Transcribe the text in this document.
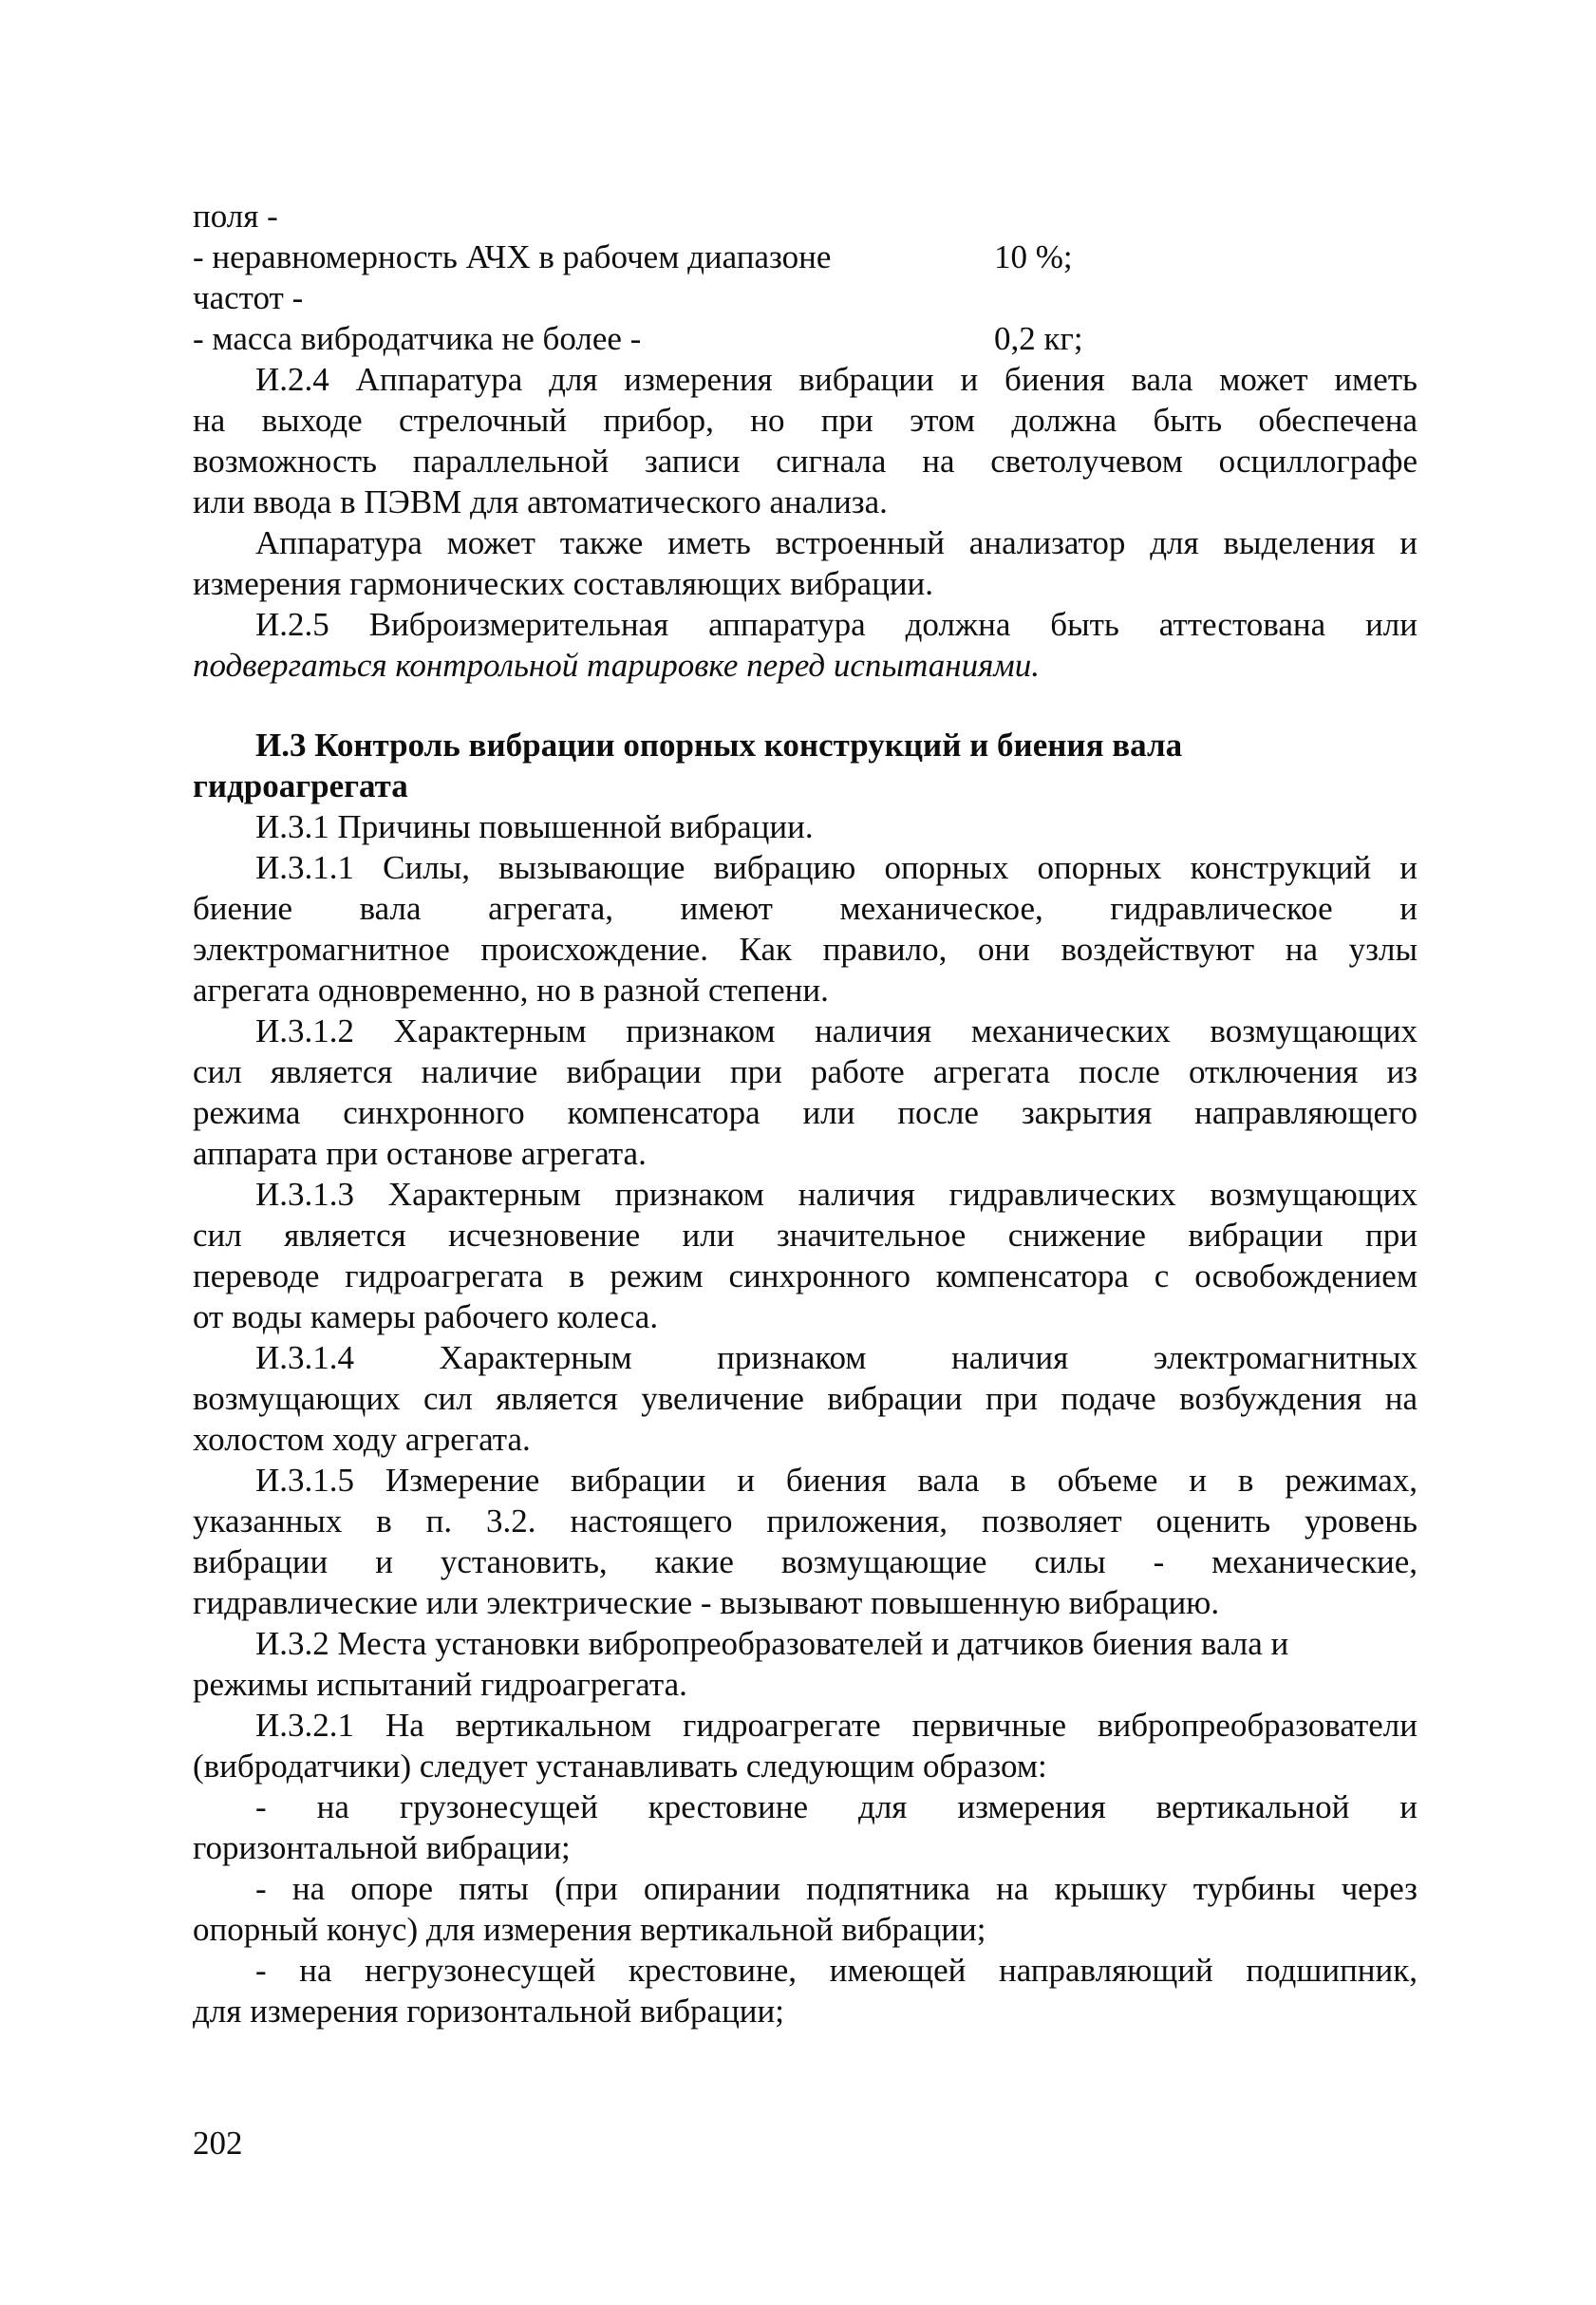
поля -
- неравномерность АЧХ в рабочем диапазоне	10 %;
частот -
- масса вибродатчика не более -	0,2 кг;
И.2.4 Аппаратура для измерения вибрации и биения вала может иметь
на выходе стрелочный прибор, но при этом должна быть обеспечена
возможность параллельной записи сигнала на светолучевом осциллографе
или ввода в ПЭВМ для автоматического анализа.
Аппаратура может также иметь встроенный анализатор для выделения и
измерения гармонических составляющих вибрации.
И.2.5 Виброизмерительная аппаратура должна быть аттестована или
подвергаться контрольной тарировке перед испытаниями.
И.3 Контроль вибрации опорных конструкций и биения вала
гидроагрегата
И.3.1 Причины повышенной вибрации.
И.3.1.1 Силы, вызывающие вибрацию опорных опорных конструкций и
биение вала агрегата, имеют механическое, гидравлическое и
электромагнитное происхождение. Как правило, они воздействуют на узлы
агрегата одновременно, но в разной степени.
И.3.1.2 Характерным признаком наличия механических возмущающих
сил является наличие вибрации при работе агрегата после отключения из
режима синхронного компенсатора или после закрытия направляющего
аппарата при останове агрегата.
И.3.1.3 Характерным признаком наличия гидравлических возмущающих
сил является исчезновение или значительное снижение вибрации при
переводе гидроагрегата в режим синхронного компенсатора с освобождением
от воды камеры рабочего колеса.
И.3.1.4 Характерным признаком наличия электромагнитных
возмущающих сил является увеличение вибрации при подаче возбуждения на
холостом ходу агрегата.
И.3.1.5 Измерение вибрации и биения вала в объеме и в режимах,
указанных в п. 3.2. настоящего приложения, позволяет оценить уровень
вибрации и установить, какие возмущающие силы - механические,
гидравлические или электрические - вызывают повышенную вибрацию.
И.3.2 Места установки вибропреобразователей и датчиков биения вала и
режимы испытаний гидроагрегата.
И.3.2.1 На вертикальном гидроагрегате первичные вибропреобразователи
(вибродатчики) следует устанавливать следующим образом:
- на грузонесущей крестовине для измерения вертикальной и
горизонтальной вибрации;
- на опоре пяты (при опирании подпятника на крышку турбины через
опорный конус) для измерения вертикальной вибрации;
- на негрузонесущей крестовине, имеющей направляющий подшипник,
для измерения горизонтальной вибрации;
202
